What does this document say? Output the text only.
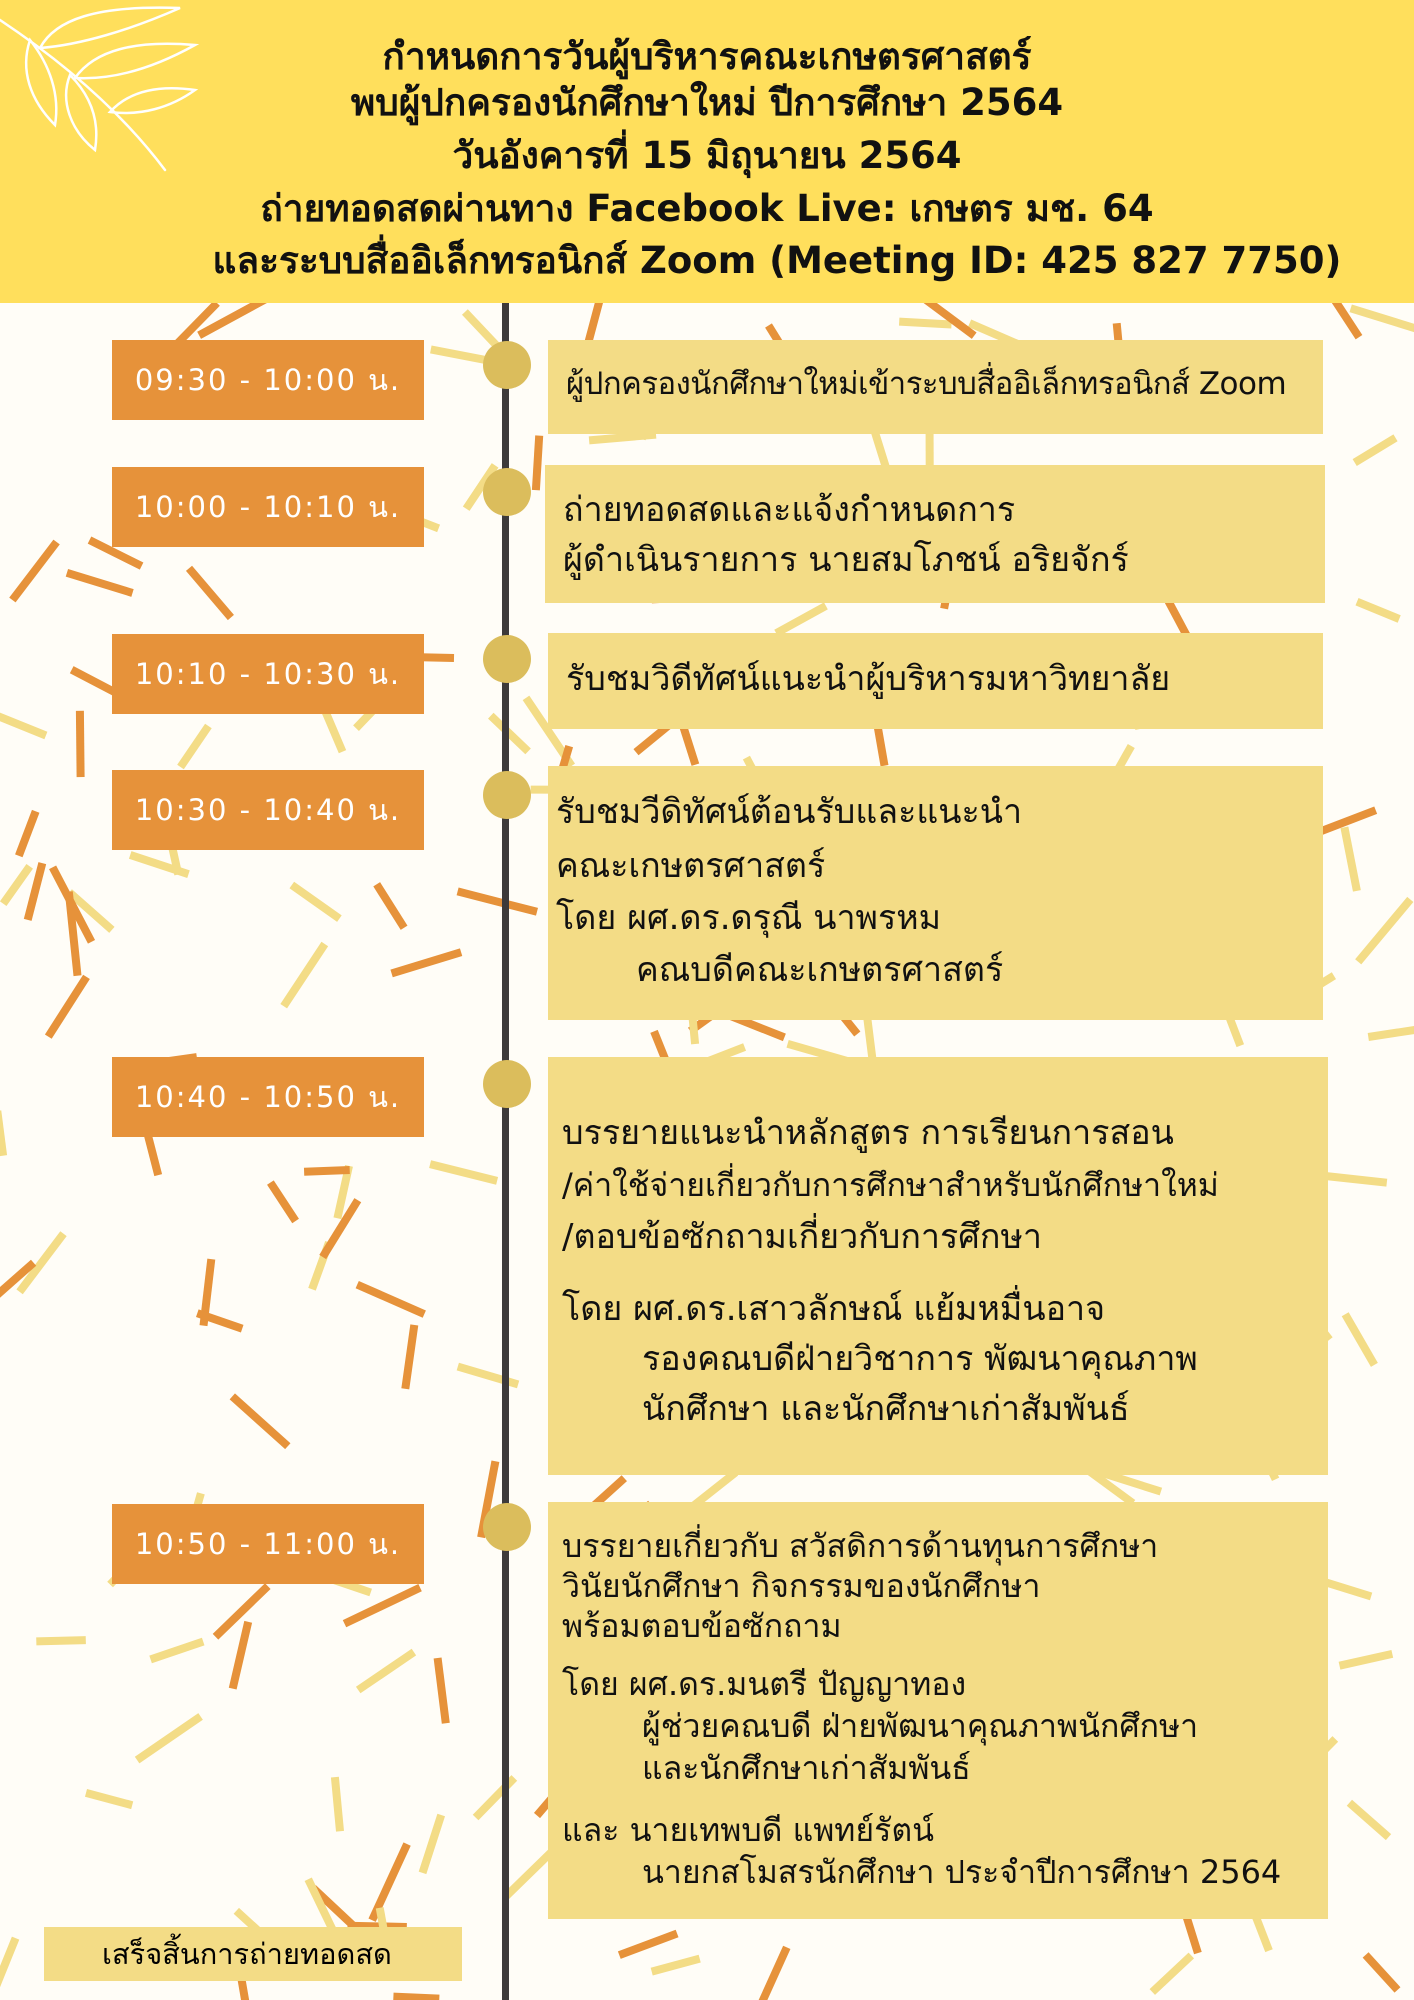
กำหนดการวันผู้บริหารคณะเกษตรศาสตร์
พบผู้ปกครองนักศึกษาใหม่ ปีการศึกษา 2564
วันอังคารที่ 15 มิถุนายน 2564
ถ่ายทอดสดผ่านทาง Facebook Live: เกษตร มช. 64
และระบบสื่ออิเล็กทรอนิกส์ Zoom (Meeting ID: 425 827 7750)
09:30 - 10:00 น.	ผู้ปกครองนักศึกษาใหม่เข้าระบบสื่ออิเล็กทรอนิกส์ Zoom
10:00 - 10:10 น.	ถ่ายทอดสดและแจ้งกำหนดการ
ผู้ดำเนินรายการ นายสมโภชน์ อริยจักร์
10:10 - 10:30 น.	รับชมวิดีทัศน์แนะนำผู้บริหารมหาวิทยาลัย
10:30 - 10:40 น.	รับชมวีดิทัศน์ต้อนรับและแนะนำ
คณะเกษตรศาสตร์
โดย ผศ.ดร.ดรุณี นาพรหม
คณบดีคณะเกษตรศาสตร์
10:40 - 10:50 น.
บรรยายแนะนำหลักสูตร การเรียนการสอน
/ค่าใช้จ่ายเกี่ยวกับการศึกษาสำหรับนักศึกษาใหม่
/ตอบข้อซักถามเกี่ยวกับการศึกษา
โดย ผศ.ดร.เสาวลักษณ์ แย้มหมื่นอาจ
รองคณบดีฝ่ายวิชาการ พัฒนาคุณภาพ
นักศึกษา และนักศึกษาเก่าสัมพันธ์
10:50 - 11:00 น.	บรรยายเกี่ยวกับ สวัสดิการด้านทุนการศึกษา
วินัยนักศึกษา กิจกรรมของนักศึกษา
พร้อมตอบข้อซักถาม
โดย ผศ.ดร.มนตรี ปัญญาทอง
ผู้ช่วยคณบดี ฝ่ายพัฒนาคุณภาพนักศึกษา
และนักศึกษาเก่าสัมพันธ์
และ นายเทพบดี แพทย์รัตน์
นายกสโมสรนักศึกษา ประจำปีการศึกษา 2564
เสร็จสิ้นการถ่ายทอดสด
